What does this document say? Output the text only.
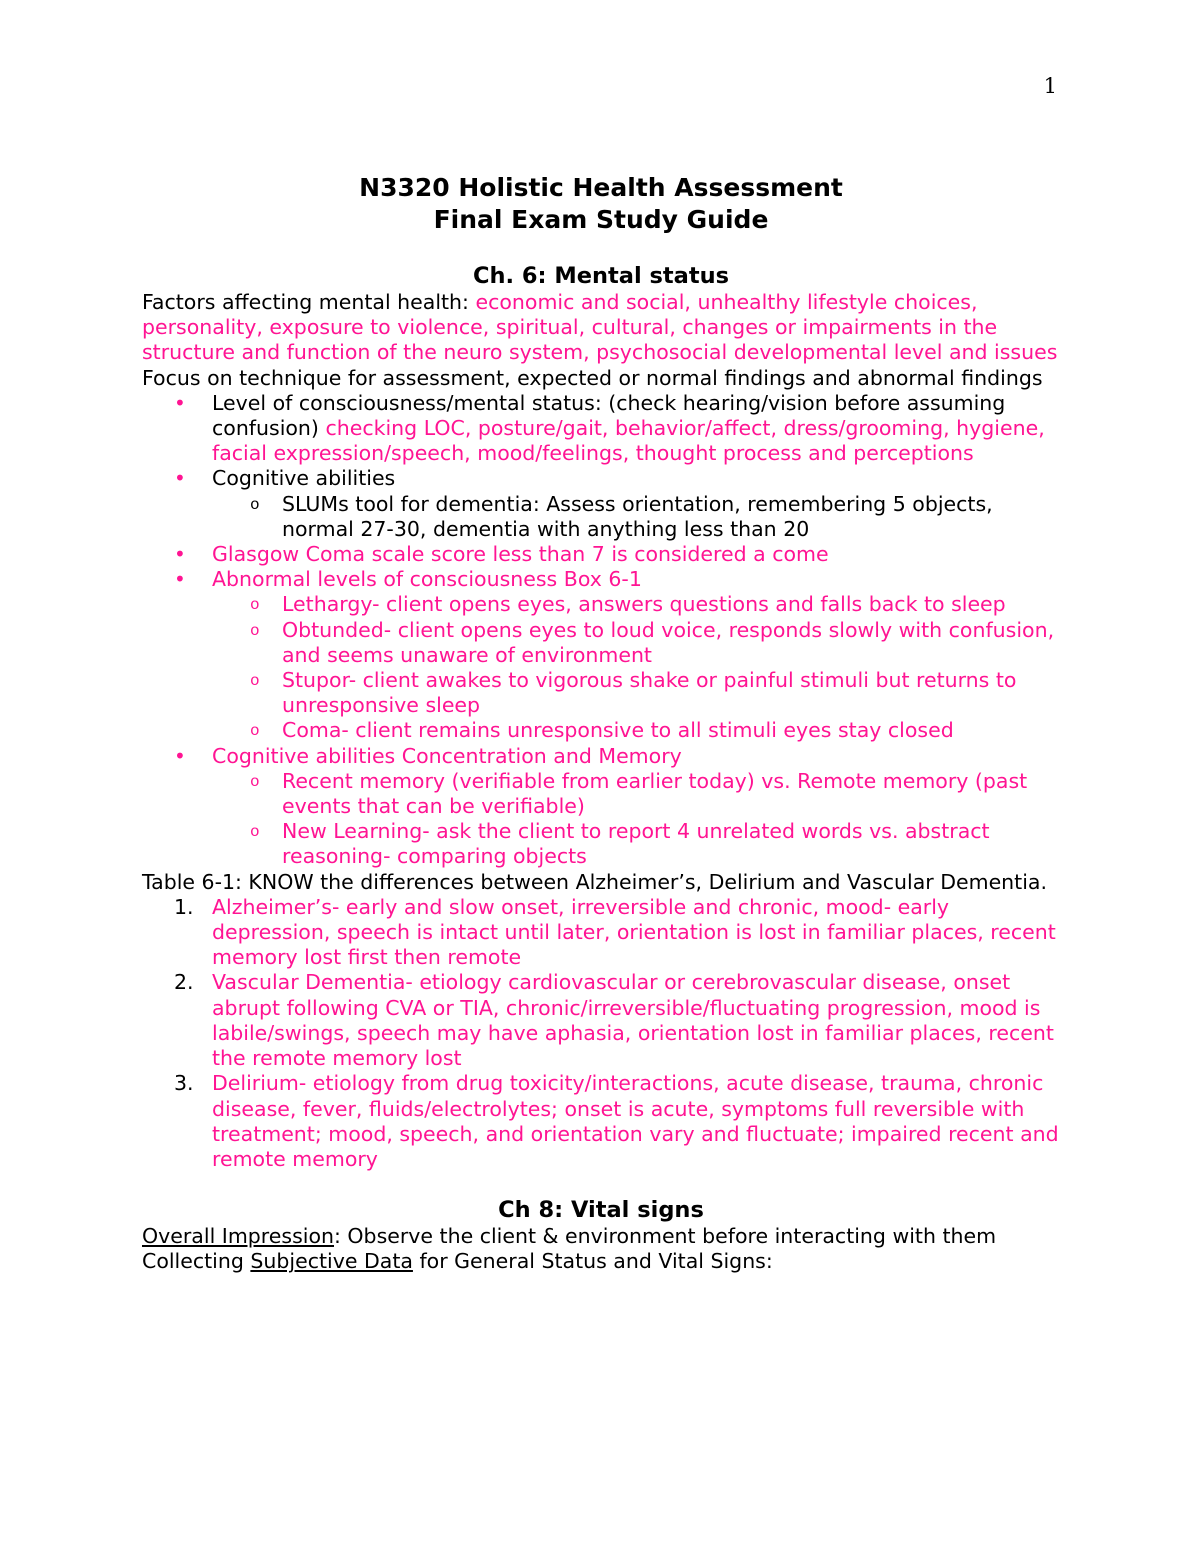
1
N3320 Holistic Health Assessment
Final Exam Study Guide
Ch. 6: Mental status

Factors affecting mental health: economic and social, unhealthy lifestyle choices, personality, exposure to violence, spiritual, cultural, changes or impairments in the structure and function of the neuro system, psychosocial developmental level and issues

Focus on technique for assessment, expected or normal findings and abnormal findings

• Level of consciousness/mental status: (check hearing/vision before assuming confusion) checking LOC, posture/gait, behavior/affect, dress/grooming, hygiene, facial expression/speech, mood/feelings, thought process and perceptions
• Cognitive abilities
o SLUMs tool for dementia: Assess orientation, remembering 5 objects, normal 27-30, dementia with anything less than 20
• Glasgow Coma scale score less than 7 is considered a come
• Abnormal levels of consciousness Box 6-1
o Lethargy- client opens eyes, answers questions and falls back to sleep
o Obtunded- client opens eyes to loud voice, responds slowly with confusion, and seems unaware of environment
o Stupor- client awakes to vigorous shake or painful stimuli but returns to unresponsive sleep
o Coma- client remains unresponsive to all stimuli eyes stay closed
• Cognitive abilities Concentration and Memory
o Recent memory (verifiable from earlier today) vs. Remote memory (past events that can be verifiable)
o New Learning- ask the client to report 4 unrelated words vs. abstract reasoning- comparing objects

Table 6-1: KNOW the differences between Alzheimer’s, Delirium and Vascular Dementia.

1. Alzheimer’s- early and slow onset, irreversible and chronic, mood- early depression, speech is intact until later, orientation is lost in familiar places, recent memory lost first then remote
2. Vascular Dementia- etiology cardiovascular or cerebrovascular disease, onset abrupt following CVA or TIA, chronic/irreversible/fluctuating progression, mood is labile/swings, speech may have aphasia, orientation lost in familiar places, recent the remote memory lost
3. Delirium- etiology from drug toxicity/interactions, acute disease, trauma, chronic disease, fever, fluids/electrolytes; onset is acute, symptoms full reversible with treatment; mood, speech, and orientation vary and fluctuate; impaired recent and remote memory
Ch 8: Vital signs

Overall Impression: Observe the client & environment before interacting with them

Collecting Subjective Data for General Status and Vital Signs:
